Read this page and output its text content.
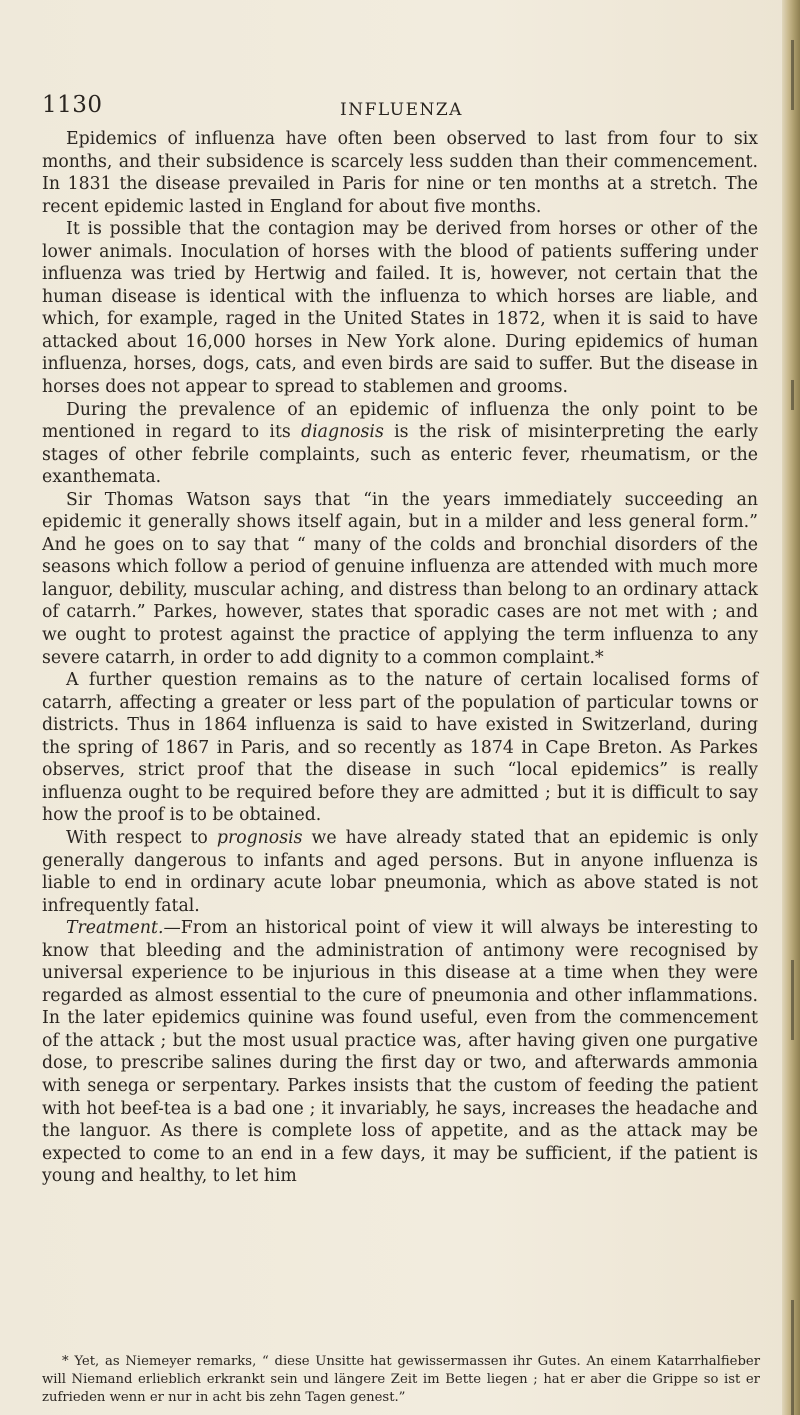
1130	INFLUENZA

Epidemics of influenza have often been observed to last from four to six months, and their subsidence is scarcely less sudden than their commencement. In 1831 the disease prevailed in Paris for nine or ten months at a stretch. The recent epidemic lasted in England for about five months.

It is possible that the contagion may be derived from horses or other of the lower animals. Inoculation of horses with the blood of patients suffering under influenza was tried by Hertwig and failed. It is, however, not certain that the human disease is identical with the influenza to which horses are liable, and which, for example, raged in the United States in 1872, when it is said to have attacked about 16,000 horses in New York alone. During epidemics of human influenza, horses, dogs, cats, and even birds are said to suffer. But the disease in horses does not appear to spread to stablemen and grooms.

During the prevalence of an epidemic of influenza the only point to be mentioned in regard to its diagnosis is the risk of misinterpreting the early stages of other febrile complaints, such as enteric fever, rheumatism, or the exanthemata.

Sir Thomas Watson says that “in the years immediately succeeding an epidemic it generally shows itself again, but in a milder and less general form.” And he goes on to say that “ many of the colds and bronchial disorders of the seasons which follow a period of genuine influenza are attended with much more languor, debility, muscular aching, and distress than belong to an ordinary attack of catarrh.” Parkes, however, states that sporadic cases are not met with ; and we ought to protest against the practice of applying the term influenza to any severe catarrh, in order to add dignity to a common complaint.*

A further question remains as to the nature of certain localised forms of catarrh, affecting a greater or less part of the population of particular towns or districts. Thus in 1864 influenza is said to have existed in Switzerland, during the spring of 1867 in Paris, and so recently as 1874 in Cape Breton. As Parkes observes, strict proof that the disease in such “local epidemics” is really influenza ought to be required before they are admitted ; but it is difficult to say how the proof is to be obtained.

With respect to prognosis we have already stated that an epidemic is only generally dangerous to infants and aged persons. But in anyone influenza is liable to end in ordinary acute lobar pneumonia, which as above stated is not infrequently fatal.

Treatment.—From an historical point of view it will always be interesting to know that bleeding and the administration of antimony were recognised by universal experience to be injurious in this disease at a time when they were regarded as almost essential to the cure of pneumonia and other inflammations. In the later epidemics quinine was found useful, even from the commencement of the attack ; but the most usual practice was, after having given one purgative dose, to prescribe salines during the first day or two, and afterwards ammonia with senega or serpentary. Parkes insists that the custom of feeding the patient with hot beef-tea is a bad one ; it invariably, he says, increases the headache and the languor. As there is complete loss of appetite, and as the attack may be expected to come to an end in a few days, it may be sufficient, if the patient is young and healthy, to let him

* Yet, as Niemeyer remarks, “ diese Unsitte hat gewissermassen ihr Gutes. An einem Katarrhalfieber will Niemand erlieblich erkrankt sein und längere Zeit im Bette liegen ; hat er aber die Grippe so ist er zufrieden wenn er nur in acht bis zehn Tagen genest.”
